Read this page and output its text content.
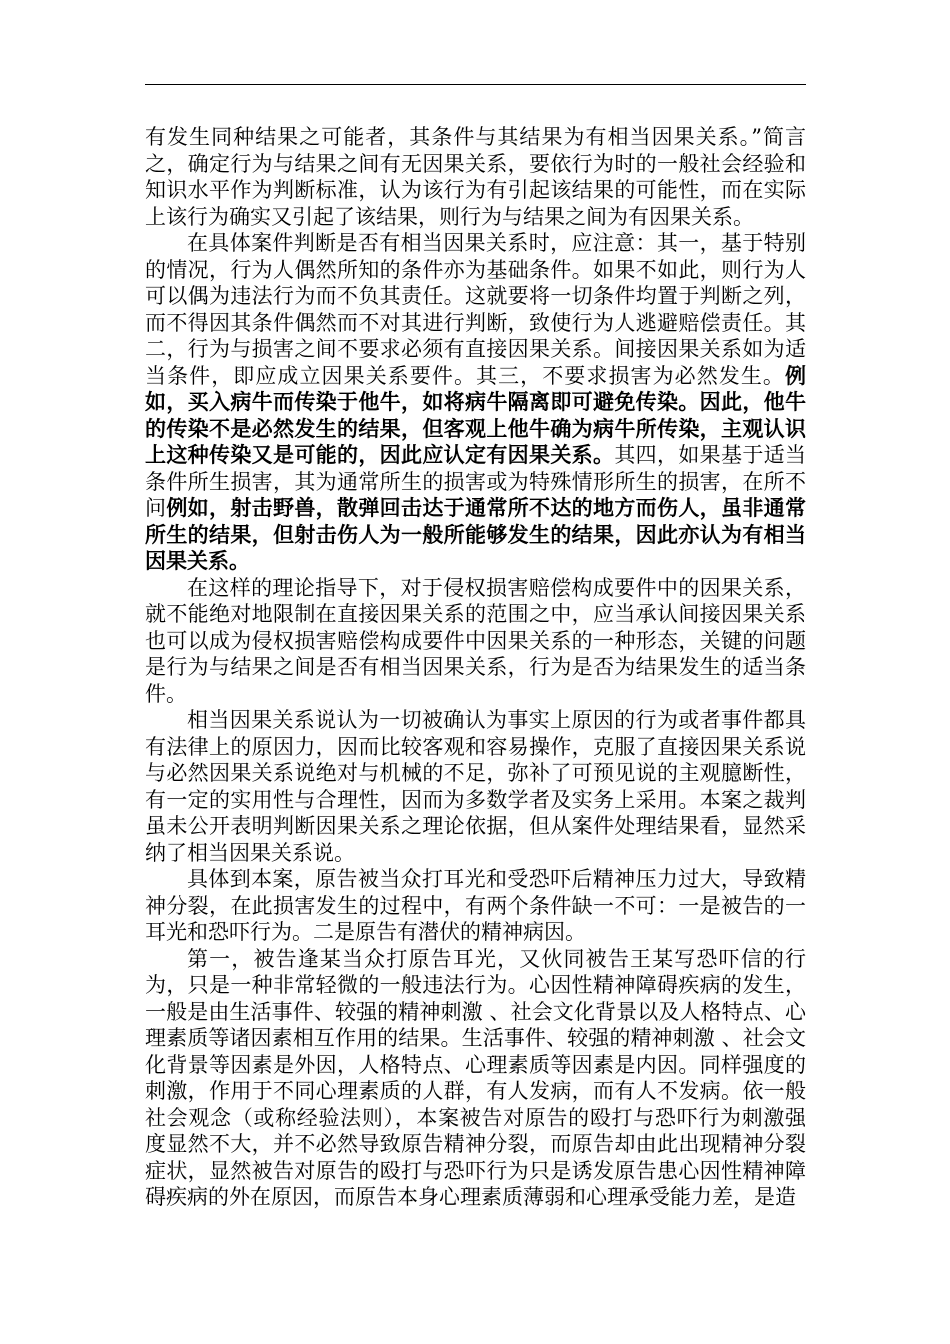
有发生同种结果之可能者，其条件与其结果为有相当因果关系。”简言之，确定行为与结果之间有无因果关系，要依行为时的一般社会经验和知识水平作为判断标准，认为该行为有引起该结果的可能性，而在实际上该行为确实又引起了该结果，则行为与结果之间为有因果关系。

在具体案件判断是否有相当因果关系时，应注意：其一，基于特别的情况，行为人偶然所知的条件亦为基础条件。如果不如此，则行为人可以偶为违法行为而不负其责任。这就要将一切条件均置于判断之列，而不得因其条件偶然而不对其进行判断，致使行为人逃避赔偿责任。其二，行为与损害之间不要求必须有直接因果关系。间接因果关系如为适当条件，即应成立因果关系要件。其三，不要求损害为必然发生。例如，买入病牛而传染于他牛，如将病牛隔离即可避免传染。因此，他牛的传染不是必然发生的结果，但客观上他牛确为病牛所传染，主观认识上这种传染又是可能的，因此应认定有因果关系。其四，如果基于适当条件所生损害，其为通常所生的损害或为特殊情形所生的损害，在所不问例如，射击野兽，散弹回击达于通常所不达的地方而伤人，虽非通常所生的结果，但射击伤人为一般所能够发生的结果，因此亦认为有相当因果关系。

在这样的理论指导下，对于侵权损害赔偿构成要件中的因果关系，就不能绝对地限制在直接因果关系的范围之中，应当承认间接因果关系也可以成为侵权损害赔偿构成要件中因果关系的一种形态，关键的问题是行为与结果之间是否有相当因果关系，行为是否为结果发生的适当条件。

相当因果关系说认为一切被确认为事实上原因的行为或者事件都具有法律上的原因力，因而比较客观和容易操作，克服了直接因果关系说与必然因果关系说绝对与机械的不足，弥补了可预见说的主观臆断性，有一定的实用性与合理性，因而为多数学者及实务上采用。本案之裁判虽未公开表明判断因果关系之理论依据，但从案件处理结果看，显然采纳了相当因果关系说。

具体到本案，原告被当众打耳光和受恐吓后精神压力过大，导致精神分裂，在此损害发生的过程中，有两个条件缺一不可：一是被告的一耳光和恐吓行为。二是原告有潜伏的精神病因。

第一，被告逢某当众打原告耳光，又伙同被告王某写恐吓信的行为，只是一种非常轻微的一般违法行为。心因性精神障碍疾病的发生，一般是由生活事件、较强的精神刺激 、社会文化背景以及人格特点、心理素质等诸因素相互作用的结果。生活事件、较强的精神刺激 、社会文化背景等因素是外因，人格特点、心理素质等因素是内因。同样强度的刺激，作用于不同心理素质的人群，有人发病，而有人不发病。依一般社会观念（或称经验法则），本案被告对原告的殴打与恐吓行为刺激强度显然不大，并不必然导致原告精神分裂，而原告却由此出现精神分裂症状，显然被告对原告的殴打与恐吓行为只是诱发原告患心因性精神障碍疾病的外在原因，而原告本身心理素质薄弱和心理承受能力差，是造
